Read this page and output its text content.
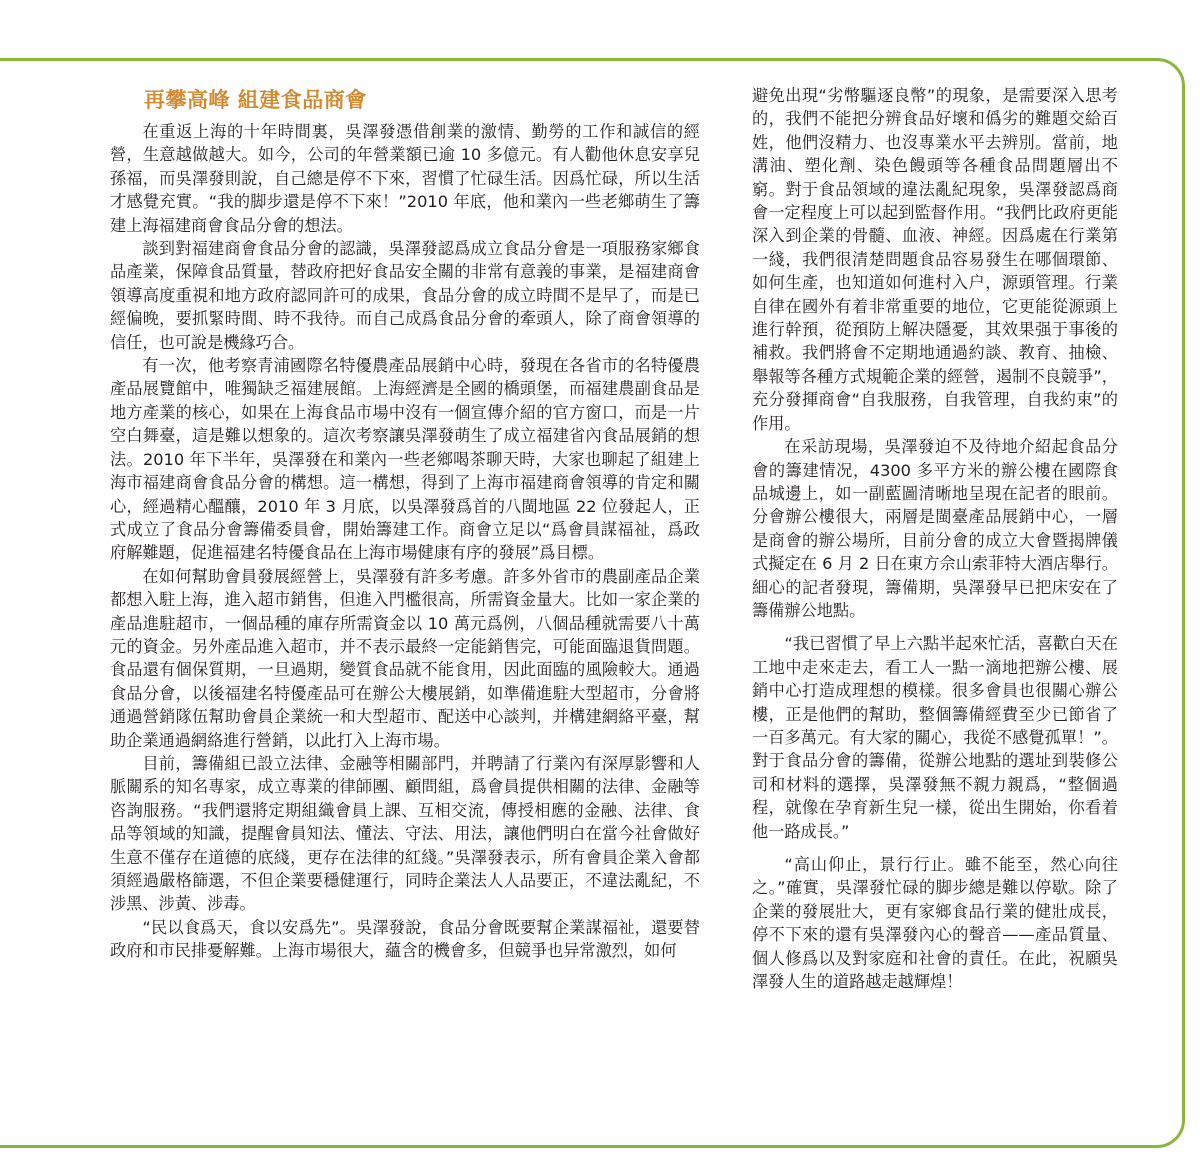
再攀高峰 組建食品商會

在重返上海的十年時間裏，吳澤發憑借創業的激情、勤勞的工作和誠信的經營，生意越做越大。如今，公司的年營業額已逾 10 多億元。有人勸他休息安享兒孫福，而吳澤發則說，自己總是停不下來，習慣了忙碌生活。因爲忙碌，所以生活才感覺充實。“我的脚步還是停不下來！”2010 年底，他和業內一些老鄉萌生了籌建上海福建商會食品分會的想法。

談到對福建商會食品分會的認識，吳澤發認爲成立食品分會是一項服務家鄉食品產業，保障食品質量，替政府把好食品安全關的非常有意義的事業，是福建商會領導高度重視和地方政府認同許可的成果，食品分會的成立時間不是早了，而是已經偏晚，要抓緊時間、時不我待。而自己成爲食品分會的牽頭人，除了商會領導的信任，也可說是機緣巧合。

有一次，他考察青浦國際名特優農產品展銷中心時，發現在各省市的名特優農產品展覽館中，唯獨缺乏福建展館。上海經濟是全國的橋頭堡，而福建農副食品是地方產業的核心，如果在上海食品市場中沒有一個宣傳介紹的官方窗口，而是一片空白舞臺，這是難以想象的。這次考察讓吳澤發萌生了成立福建省內食品展銷的想法。2010 年下半年，吳澤發在和業內一些老鄉喝茶聊天時，大家也聊起了組建上海市福建商會食品分會的構想。這一構想，得到了上海市福建商會領導的肯定和關心，經過精心醞釀，2010 年 3 月底，以吳澤發爲首的八閩地區 22 位發起人，正式成立了食品分會籌備委員會，開始籌建工作。商會立足以“爲會員謀福祉，爲政府解難題，促進福建名特優食品在上海市場健康有序的發展”爲目標。

在如何幫助會員發展經營上，吳澤發有許多考慮。許多外省市的農副產品企業都想入駐上海，進入超市銷售，但進入門檻很高，所需資金量大。比如一家企業的產品進駐超市，一個品種的庫存所需資金以 10 萬元爲例，八個品種就需要八十萬元的資金。另外產品進入超市，并不表示最終一定能銷售完，可能面臨退貨問題。食品還有個保質期，一旦過期，變質食品就不能食用，因此面臨的風險較大。通過食品分會，以後福建名特優產品可在辦公大樓展銷，如準備進駐大型超市，分會將通過營銷隊伍幫助會員企業統一和大型超市、配送中心談判，并構建網絡平臺，幫助企業通過網絡進行營銷，以此打入上海市場。

目前，籌備組已設立法律、金融等相關部門，并聘請了行業內有深厚影響和人脈關系的知名專家，成立專業的律師團、顧問組，爲會員提供相關的法律、金融等咨詢服務。“我們還將定期組織會員上課、互相交流，傳授相應的金融、法律、食品等領域的知識，提醒會員知法、懂法、守法、用法，讓他們明白在當今社會做好生意不僅存在道德的底綫，更存在法律的紅綫。”吳澤發表示，所有會員企業入會都須經過嚴格篩選，不但企業要穩健運行，同時企業法人人品要正，不違法亂紀，不涉黑、涉黃、涉毒。

“民以食爲天，食以安爲先”。吳澤發說，食品分會既要幫企業謀福祉，還要替政府和市民排憂解難。上海市場很大，蘊含的機會多，但競爭也异常激烈，如何

避免出現“劣幣驅逐良幣”的現象，是需要深入思考的，我們不能把分辨食品好壞和僞劣的難題交給百姓，他們沒精力、也沒專業水平去辨別。當前，地溝油、塑化劑、染色饅頭等各種食品問題層出不窮。對于食品領域的違法亂紀現象，吳澤發認爲商會一定程度上可以起到監督作用。“我們比政府更能深入到企業的骨髓、血液、神經。因爲處在行業第一綫，我們很清楚問題食品容易發生在哪個環節、如何生產，也知道如何進村入户，源頭管理。行業自律在國外有着非常重要的地位，它更能從源頭上進行幹預，從預防上解决隱憂，其效果强于事後的補救。我們將會不定期地通過約談、教育、抽檢、舉報等各種方式規範企業的經營，遏制不良競爭”，充分發揮商會“自我服務，自我管理，自我約束”的作用。

在采訪現場，吳澤發迫不及待地介紹起食品分會的籌建情况，4300 多平方米的辦公樓在國際食品城邊上，如一副藍圖清晰地呈現在記者的眼前。分會辦公樓很大，兩層是閩臺產品展銷中心，一層是商會的辦公場所，目前分會的成立大會暨揭牌儀式擬定在 6 月 2 日在東方佘山索菲特大酒店舉行。細心的記者發現，籌備期，吳澤發早已把床安在了籌備辦公地點。

“我已習慣了早上六點半起來忙活，喜歡白天在工地中走來走去，看工人一點一滴地把辦公樓、展銷中心打造成理想的模樣。很多會員也很關心辦公樓，正是他們的幫助，整個籌備經費至少已節省了一百多萬元。有大家的關心，我從不感覺孤單！”。對于食品分會的籌備，從辦公地點的選址到裝修公司和材料的選擇，吳澤發無不親力親爲，“整個過程，就像在孕育新生兒一樣，從出生開始，你看着他一路成長。”

“高山仰止，景行行止。雖不能至，然心向往之。”確實，吳澤發忙碌的脚步總是難以停歇。除了企業的發展壯大，更有家鄉食品行業的健壯成長，停不下來的還有吳澤發內心的聲音——產品質量、個人修爲以及對家庭和社會的責任。在此，祝願吳澤發人生的道路越走越輝煌！
